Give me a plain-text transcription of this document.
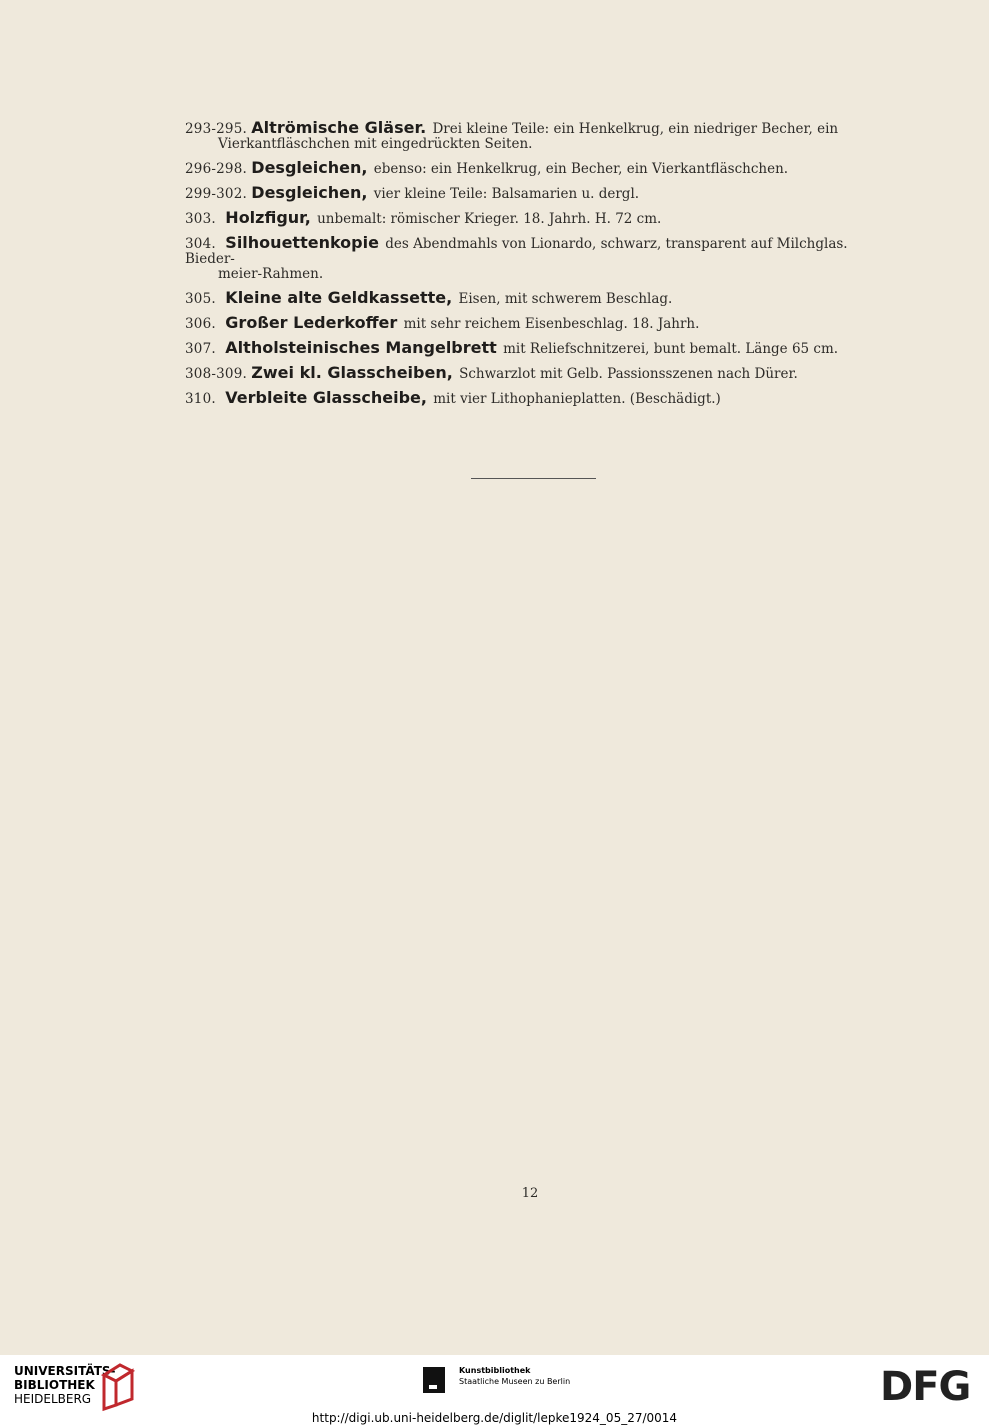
293-295. Altrömische Gläser. Drei kleine Teile: ein Henkelkrug, ein niedriger Becher, ein
Vierkantfläschchen mit eingedrückten Seiten.
296-298. Desgleichen, ebenso: ein Henkelkrug, ein Becher, ein Vierkantfläschchen.
299-302. Desgleichen, vier kleine Teile: Balsamarien u. dergl.
303. Holzfigur, unbemalt: römischer Krieger. 18. Jahrh. H. 72 cm.
304. Silhouettenkopie des Abendmahls von Lionardo, schwarz, transparent auf Milchglas. Bieder-
meier-Rahmen.
305. Kleine alte Geldkassette, Eisen, mit schwerem Beschlag.
306. Großer Lederkoffer mit sehr reichem Eisenbeschlag. 18. Jahrh.
307. Altholsteinisches Mangelbrett mit Reliefschnitzerei, bunt bemalt. Länge 65 cm.
308-309. Zwei kl. Glasscheiben, Schwarzlot mit Gelb. Passionsszenen nach Dürer.
310. Verbleite Glasscheibe, mit vier Lithophanieplatten. (Beschädigt.)
12
UNIVERSITÄTS-
BIBLIOTHEK
HEIDELBERG
Kunstbibliothek
Staatliche Museen zu Berlin	DFG
http://digi.ub.uni-heidelberg.de/diglit/lepke1924_05_27/0014
